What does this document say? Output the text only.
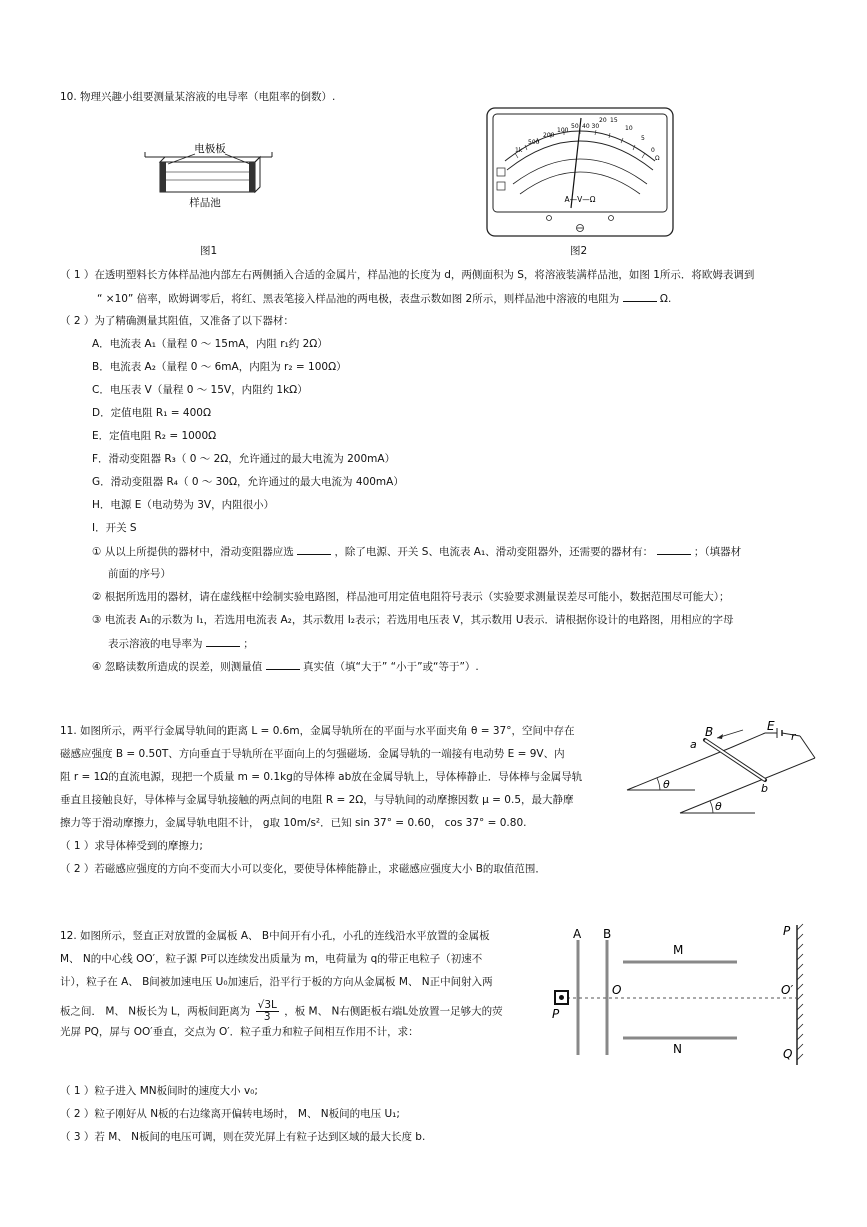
10. 物理兴趣小组要测量某溶液的电导率（电阻率的倒数）.
电极板
样品池
图1
1k
500
200
100
50 40 30
20 15
10
5
0
Ω
A—V—Ω
图2
（ 1 ）在透明塑料长方体样品池内部左右两侧插入合适的金属片，样品池的长度为 d，两侧面积为 S，将溶液装满样品池，如图 1所示．将欧姆表调到
“ ×10” 倍率，欧姆调零后，将红、黑表笔接入样品池的两电极，表盘示数如图 2所示，则样品池中溶液的电阻为	Ω.
（ 2 ）为了精确测量其阻值，又准备了以下器材：
A．电流表 A₁（量程 0 ～ 15mA，内阻 r₁约 2Ω）
B．电流表 A₂（量程 0 ～ 6mA，内阻为 r₂ = 100Ω）
C．电压表 V（量程 0 ～ 15V，内阻约 1kΩ）
D．定值电阻 R₁ = 400Ω
E．定值电阻 R₂ = 1000Ω
F．滑动变阻器 R₃（ 0 ～ 2Ω，允许通过的最大电流为 200mA）
G．滑动变阻器 R₄（ 0 ～ 30Ω，允许通过的最大电流为 400mA）
H．电源 E（电动势为 3V，内阻很小）
I．开关 S
① 从以上所提供的器材中，滑动变阻器应选	，除了电源、开关 S、电流表 A₁、滑动变阻器外，还需要的器材有：	；（填器材
前面的序号）
② 根据所选用的器材，请在虚线框中绘制实验电路图，样品池可用定值电阻符号表示（实验要求测量误差尽可能小，数据范围尽可能大）；
③ 电流表 A₁的示数为 I₁，若选用电流表 A₂，其示数用 I₂表示；若选用电压表 V，其示数用 U表示．请根据你设计的电路图，用相应的字母
表示溶液的电导率为	；
④ 忽略读数所造成的误差，则测量值	真实值（填“大于” “小于”或“等于”）.
11. 如图所示，两平行金属导轨间的距离 L = 0.6m，金属导轨所在的平面与水平面夹角 θ = 37°，空间中存在
磁感应强度 B = 0.50T、方向垂直于导轨所在平面向上的匀强磁场．金属导轨的一端接有电动势 E = 9V、内
阻 r = 1Ω的直流电源，现把一个质量 m = 0.1kg的导体棒 ab放在金属导轨上，导体棒静止．导体棒与金属导轨
垂直且接触良好，导体棒与金属导轨接触的两点间的电阻 R = 2Ω，与导轨间的动摩擦因数 μ = 0.5，最大静摩
擦力等于滑动摩擦力，金属导轨电阻不计， g取 10m/s²．已知 sin 37° = 0.60， cos 37° = 0.80.
（ 1 ）求导体棒受到的摩擦力;
（ 2 ）若磁感应强度的方向不变而大小可以变化，要使导体棒能静止，求磁感应强度大小 B的取值范围．
B
a
b
E
r
θ
θ
12. 如图所示，竖直正对放置的金属板 A、 B中间开有小孔，小孔的连线沿水平放置的金属板
M、 N的中心线 OO′，粒子源 P可以连续发出质量为 m，电荷量为 q的带正电粒子（初速不
计），粒子在 A、 B间被加速电压 U₀加速后，沿平行于板的方向从金属板 M、 N正中间射入两
板之间． M、 N板长为 L，两板间距离为 $\frac{√3L}{3}$ ，板 M、 N右侧距板右端L处放置一足够大的荧
光屏 PQ，屏与 OO′垂直，交点为 O′．粒子重力和粒子间相互作用不计，求：
（ 1 ）粒子进入 MN板间时的速度大小 v₀;
（ 2 ）粒子刚好从 N板的右边缘离开偏转电场时， M、 N板间的电压 U₁;
（ 3 ）若 M、 N板间的电压可调，则在荧光屏上有粒子达到区域的最大长度 b.
A B
M
N
O	O′
P
P
Q
